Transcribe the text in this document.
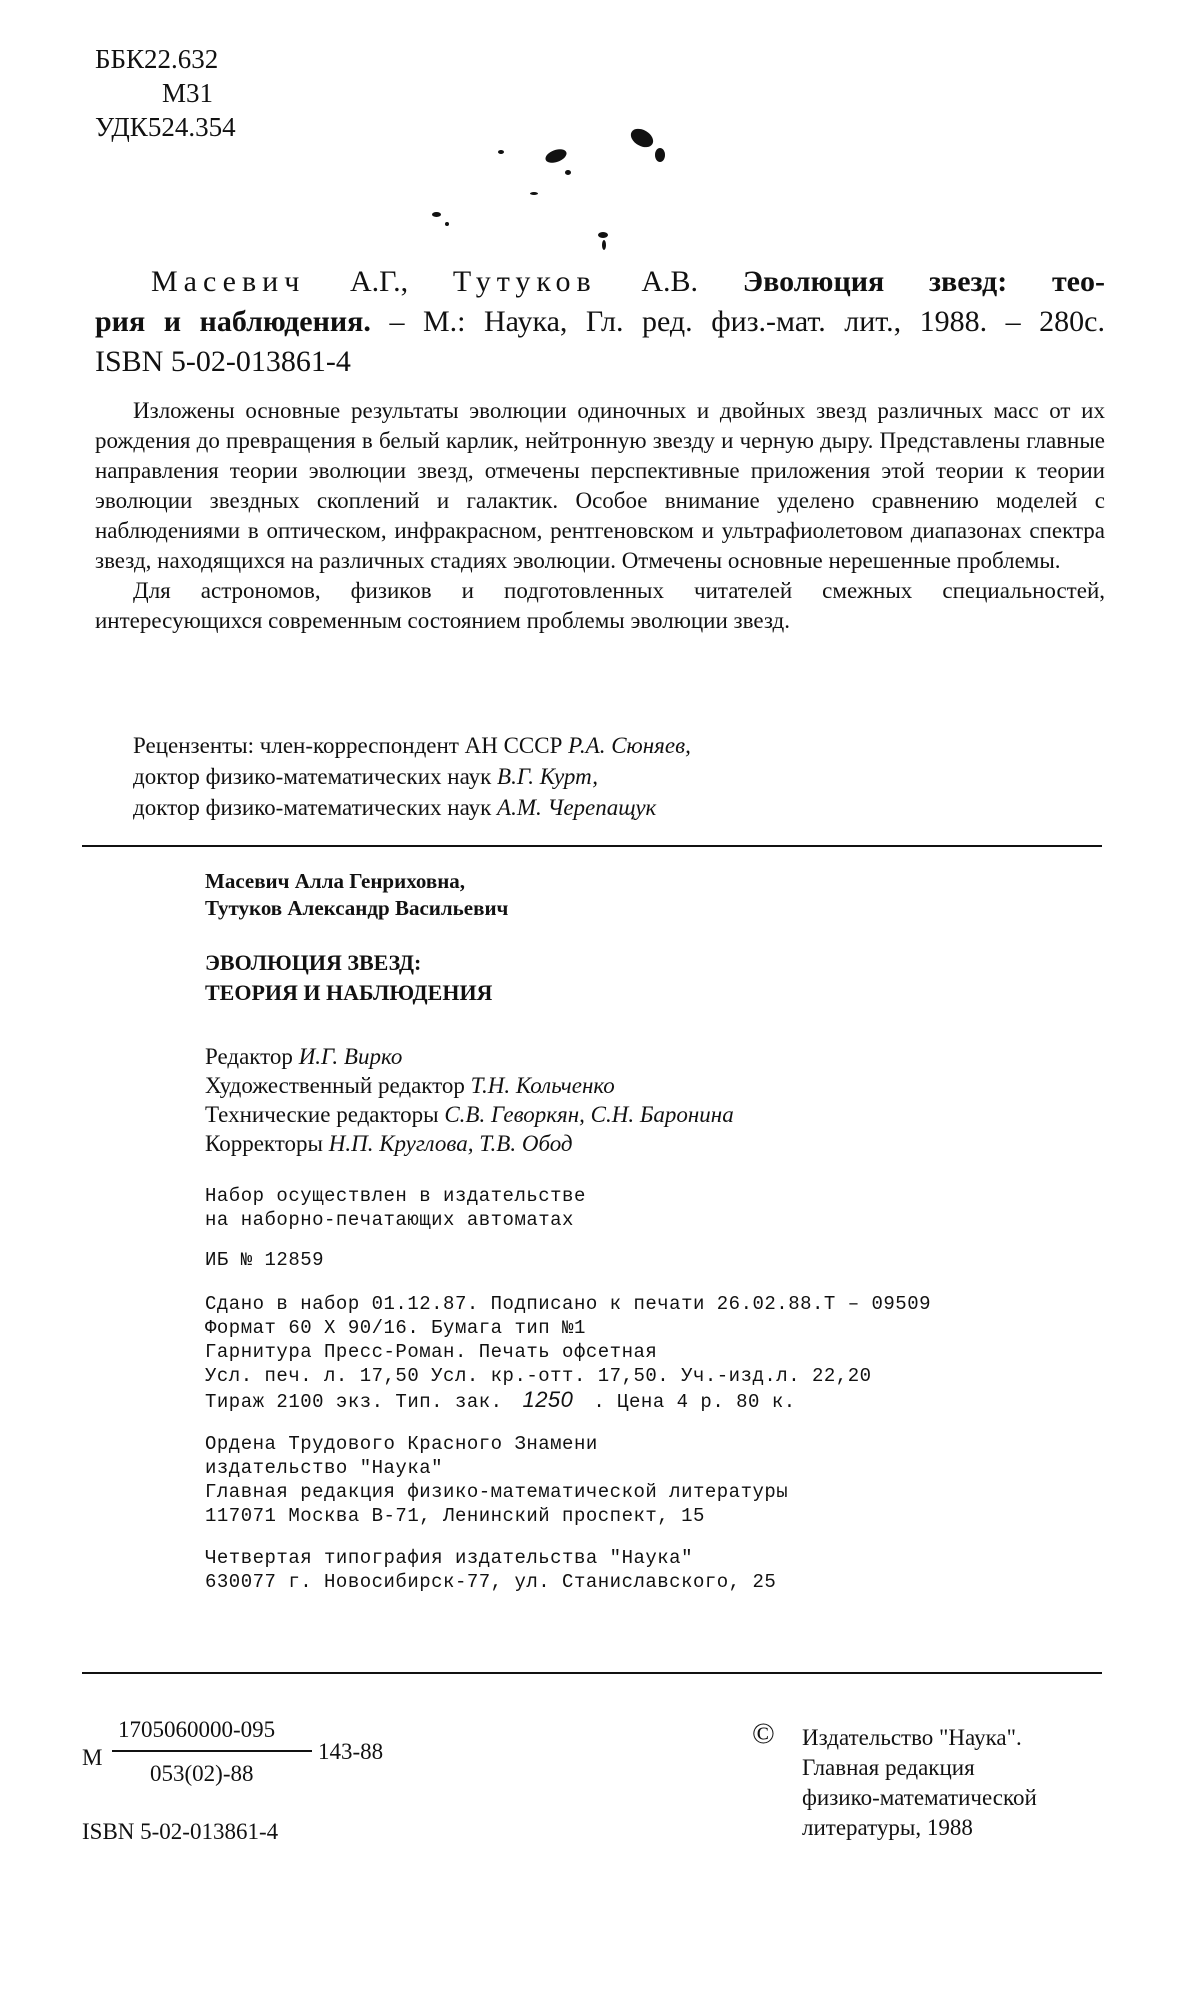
ББК22.632
М31
УДК524.354
Масевич А.Г., Тутуков А.В. Эволюция звезд: тео-
рия и наблюдения. – М.: Наука, Гл. ред. физ.-мат. лит., 1988. – 280с.
ISBN 5-02-013861-4

Изложены основные результаты эволюции одиночных и двойных звезд различных масс от их рождения до превращения в белый карлик, нейтронную звезду и черную дыру. Представлены главные направления теории эволюции звезд, отмечены перспективные приложения этой теории к теории эволюции звездных скоплений и галактик. Особое внимание уделено сравнению моделей с наблюдениями в оптическом, инфракрасном, рентгеновском и ультрафиолетовом диапазонах спектра звезд, находящихся на различных стадиях эволюции. Отмечены основные нерешенные проблемы.

Для астрономов, физиков и подготовленных читателей смежных специальностей, интересующихся современным состоянием проблемы эволюции звезд.

Рецензенты: член-корреспондент АН СССР Р.А. Сюняев,
доктор физико-математических наук В.Г. Курт,
доктор физико-математических наук А.М. Черепащук
Масевич Алла Генриховна,
Тутуков Александр Васильевич
ЭВОЛЮЦИЯ ЗВЕЗД:
ТЕОРИЯ И НАБЛЮДЕНИЯ
Редактор И.Г. Вирко
Художественный редактор Т.Н. Кольченко
Технические редакторы С.В. Геворкян, С.Н. Баронина
Корректоры Н.П. Круглова, Т.В. Обод
Набор осуществлен в издательстве
на наборно-печатающих автоматах
ИБ № 12859
Сдано в набор 01.12.87. Подписано к печати 26.02.88.Т – 09509
Формат 60 X 90/16. Бумага тип №1
Гарнитура Пресс-Роман. Печать офсетная
Усл. печ. л. 17,50 Усл. кр.-отт. 17,50. Уч.-изд.л. 22,20
Тираж 2100 экз. Тип. зак. 1250 . Цена 4 р. 80 к.
Ордена Трудового Красного Знамени
издательство "Наука"
Главная редакция физико-математической литературы
117071 Москва В-71, Ленинский проспект, 15
Четвертая типография издательства "Наука"
630077 г. Новосибирск-77, ул. Станиславского, 25
М
1705060000-095
053(02)-88
143-88
ISBN 5-02-013861-4
© Издательство "Наука".
Главная редакция
физико-математической
литературы, 1988
